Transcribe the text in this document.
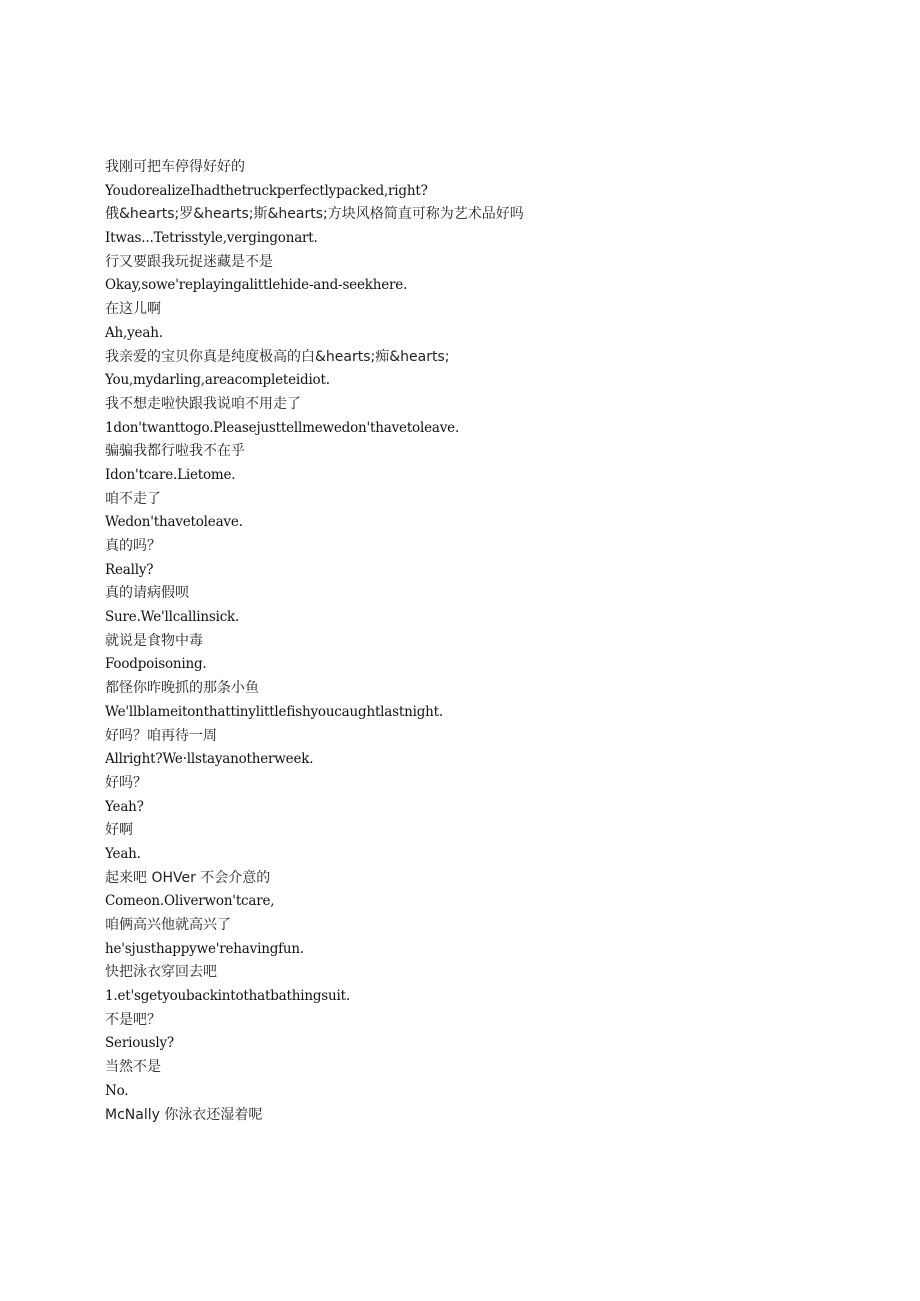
我刚可把车停得好好的
YoudorealizeIhadthetruckperfectlypacked,right?
俄&hearts;罗&hearts;斯&hearts;方块风格简直可称为艺术品好吗
Itwas...Tetrisstyle,vergingonart.
行又要跟我玩捉迷藏是不是
Okay,sowe'replayingalittlehide-and-seekhere.
在这儿啊
Ah,yeah.
我亲爱的宝贝你真是纯度极高的白&hearts;痴&hearts;
You,mydarling,areacompleteidiot.
我不想走啦快跟我说咱不用走了
1don'twanttogo.Pleasejusttellmewedon'thavetoleave.
骗骗我都行啦我不在乎
Idon'tcare.Lietome.
咱不走了
Wedon'thavetoleave.
真的吗？
Really?
真的请病假呗
Sure.We'llcallinsick.
就说是食物中毒
Foodpoisoning.
都怪你昨晚抓的那条小鱼
We'llblameitonthattinylittlefishyoucaughtlastnight.
好吗？咱再待一周
Allright?We·llstayanotherweek.
好吗？
Yeah?
好啊
Yeah.
起来吧 OHVer 不会介意的
Comeon.Oliverwon'tcare,
咱俩高兴他就高兴了
he'sjusthappywe'rehavingfun.
快把泳衣穿回去吧
1.et'sgetyoubackintothatbathingsuit.
不是吧？
Seriously?
当然不是
No.
McNally 你泳衣还湿着呢
